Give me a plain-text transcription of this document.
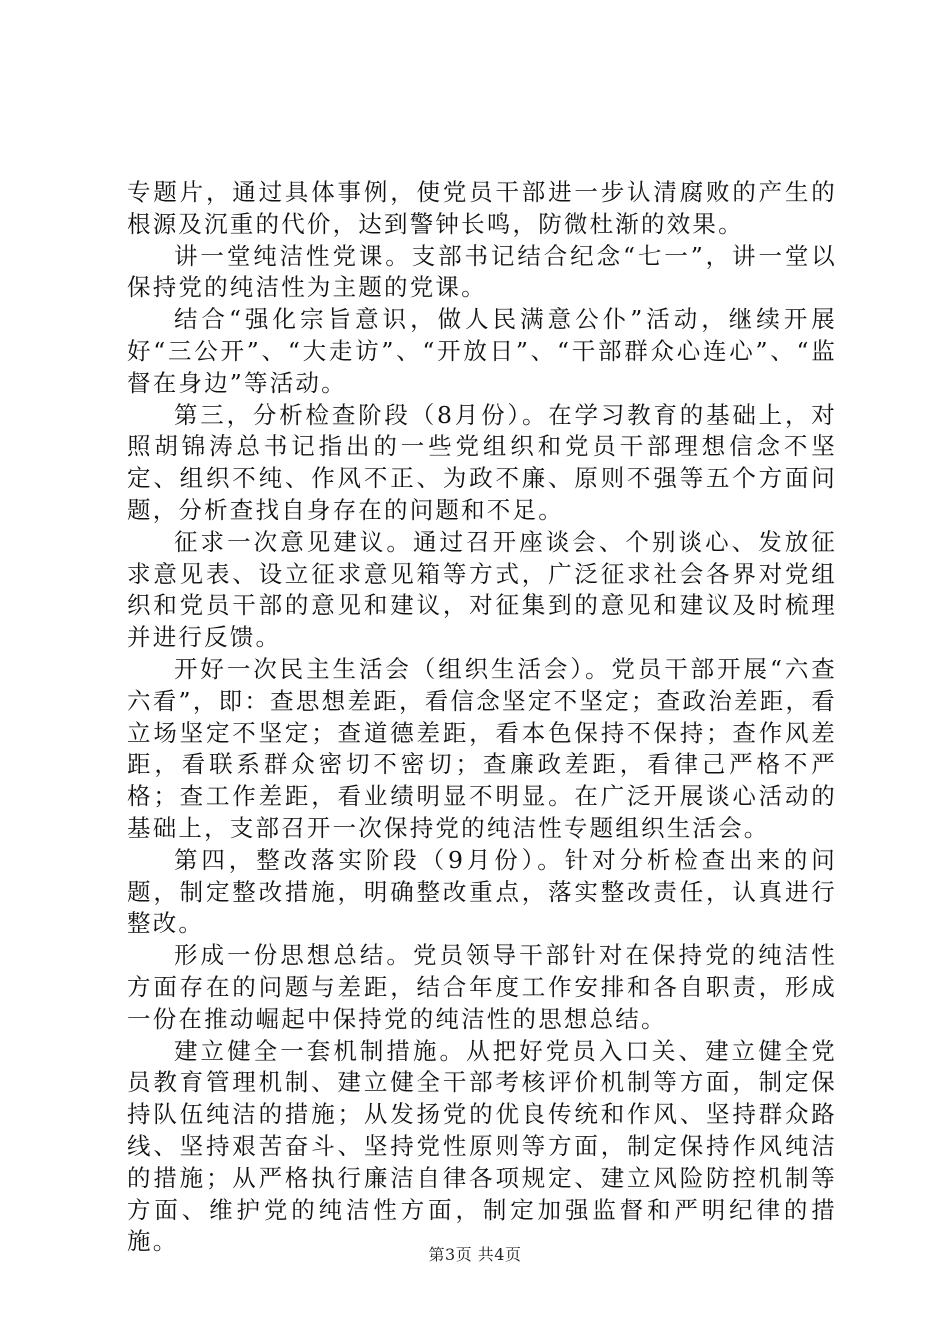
专题片，通过具体事例，使党员干部进一步认清腐败的产生的根源及沉重的代价，达到警钟长鸣，防微杜渐的效果。

讲一堂纯洁性党课。支部书记结合纪念“七一”，讲一堂以保持党的纯洁性为主题的党课。

结合“强化宗旨意识，做人民满意公仆”活动，继续开展好“三公开”、“大走访”、“开放日”、“干部群众心连心”、“监督在身边”等活动。

第三，分析检查阶段（8月份）。在学习教育的基础上，对照胡锦涛总书记指出的一些党组织和党员干部理想信念不坚定、组织不纯、作风不正、为政不廉、原则不强等五个方面问题，分析查找自身存在的问题和不足。

征求一次意见建议。通过召开座谈会、个别谈心、发放征求意见表、设立征求意见箱等方式，广泛征求社会各界对党组织和党员干部的意见和建议，对征集到的意见和建议及时梳理并进行反馈。

开好一次民主生活会（组织生活会）。党员干部开展“六查六看”，即：查思想差距，看信念坚定不坚定；查政治差距，看立场坚定不坚定；查道德差距，看本色保持不保持；查作风差距，看联系群众密切不密切；查廉政差距，看律己严格不严格；查工作差距，看业绩明显不明显。在广泛开展谈心活动的基础上，支部召开一次保持党的纯洁性专题组织生活会。

第四，整改落实阶段（9月份）。针对分析检查出来的问题，制定整改措施，明确整改重点，落实整改责任，认真进行整改。

形成一份思想总结。党员领导干部针对在保持党的纯洁性方面存在的问题与差距，结合年度工作安排和各自职责，形成一份在推动崛起中保持党的纯洁性的思想总结。

建立健全一套机制措施。从把好党员入口关、建立健全党员教育管理机制、建立健全干部考核评价机制等方面，制定保持队伍纯洁的措施；从发扬党的优良传统和作风、坚持群众路线、坚持艰苦奋斗、坚持党性原则等方面，制定保持作风纯洁的措施；从严格执行廉洁自律各项规定、建立风险防控机制等方面、维护党的纯洁性方面，制定加强监督和严明纪律的措施。	第3页 共4页
